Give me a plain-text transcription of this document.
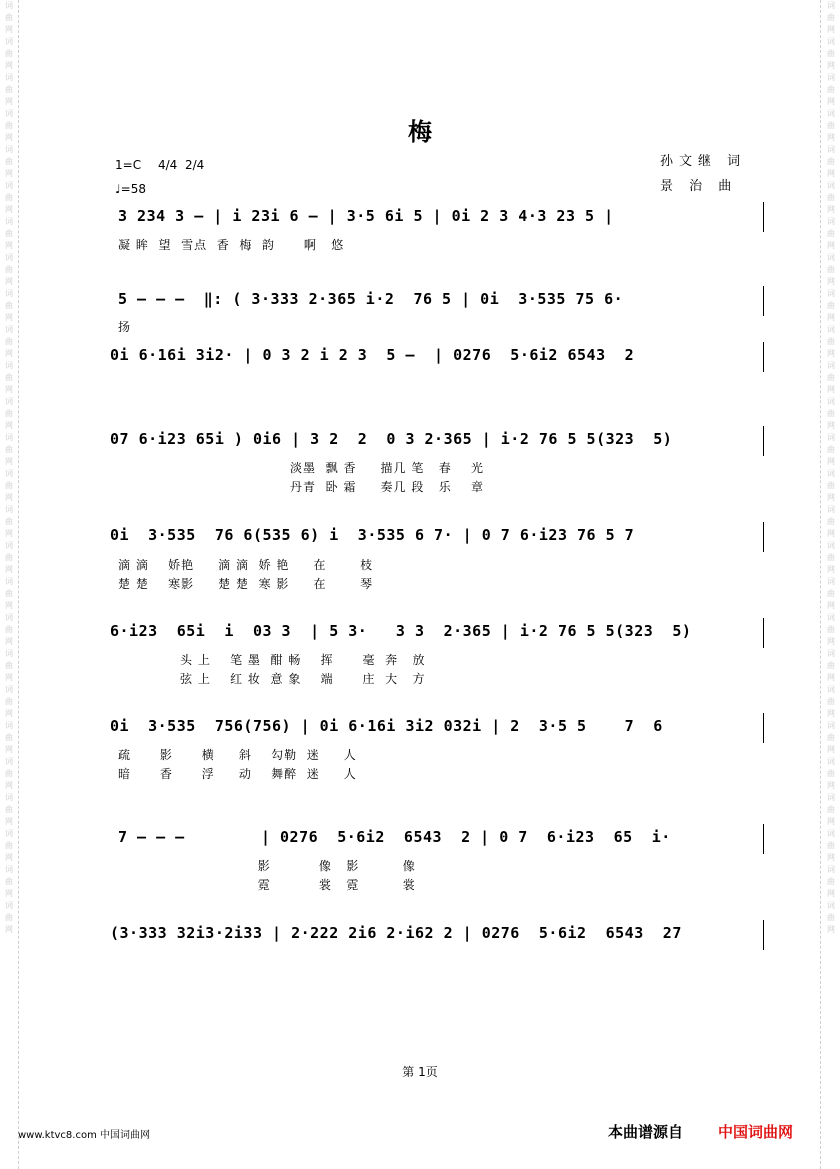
词曲网词曲网词曲网词曲网词曲网词曲网词曲网词曲网词曲网词曲网词曲网词曲网词曲网词曲网词曲网词曲网词曲网词曲网词曲网词曲网词曲网词曲网词曲网词曲网词曲网词曲网
词曲网词曲网词曲网词曲网词曲网词曲网词曲网词曲网词曲网词曲网词曲网词曲网词曲网词曲网词曲网词曲网词曲网词曲网词曲网词曲网词曲网词曲网词曲网词曲网词曲网词曲网
梅
1=C 4/4  2/4
♩=58
孙文继 词
景 治 曲
3 234 3 – | i 23i 6 – | 3·5 6i 5 | 0i 2 3 4·3 23 5 |
凝 眸  望  雪点  香  梅  韵      啊   悠
5 – – –  ‖: ( 3·333 2·365 i·2  76 5 | 0i  3·535 75 6·
扬
0i 6·16i 3i2· | 0 3 2 i 2 3  5 –  | 0276  5·6i2 6543  2
07 6·i23 65i ) 0i6 | 3 2  2  0 3 2·365 | i·2 76 5 5(323  5)
淡墨  飘 香     描几 笔   春    光
丹青  卧 霜     奏几 段   乐    章
0i  3·535  76 6(535 6) i  3·535 6 7· | 0 7 6·i23 76 5 7
滴 滴    娇艳     滴 滴  娇 艳     在       枝
楚 楚    寒影     楚 楚  寒 影     在       琴
6·i23  65i  i  03 3  | 5 3·   3 3  2·365 | i·2 76 5 5(323  5)
头 上    笔 墨  酣 畅    挥      毫  奔   放
弦 上    红 妆  意 象    端      庄  大   方
0i  3·535  756(756) | 0i 6·16i 3i2 032i | 2  3·5 5    7  6
疏      影      横     斜    勾勒  迷     人
暗      香      浮     动    舞醉  迷     人
7 – – –        | 0276  5·6i2  6543  2 | 0 7  6·i23  65  i·
影          像   影         像
霓          裳   霓         裳
(3·333 32i3·2i33 | 2·222 2i6 2·i62 2 | 0276  5·6i2  6543  27
第 1页
www.ktvc8.com 中国词曲网	本曲谱源自 中国词曲网
